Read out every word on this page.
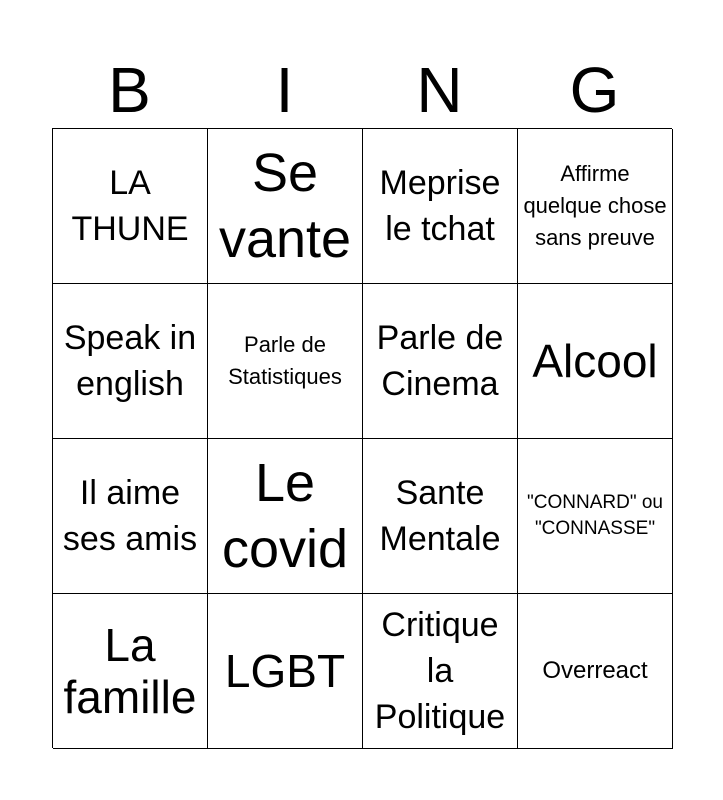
B	I	N	G
LA THUNE
Se vante
Meprise le tchat
Affirme quelque chose sans preuve
Speak in english
Parle de Statistiques
Parle de Cinema Alcool
Il aime ses amis
Le covid
Sante Mentale
"CONNARD" ou "CONNASSE"
La famille LGBT
Critique la Politique
Overreact
